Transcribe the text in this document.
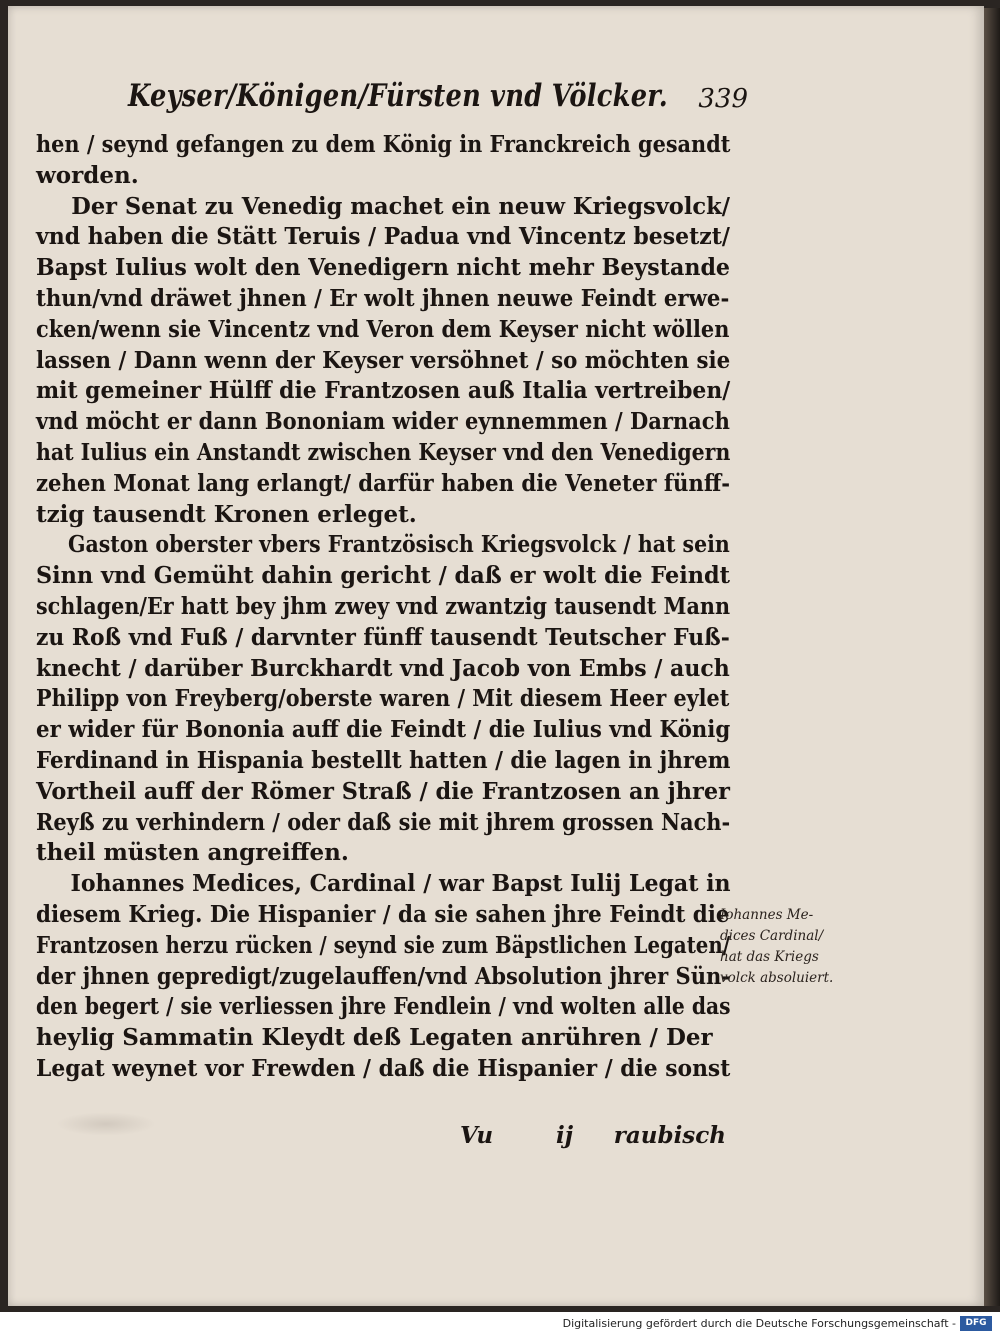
Keyser/Königen/Fürsten vnd Völcker. 339
hen / seynd gefangen zu dem König in Franckreich gesandt
worden.
Der Senat zu Venedig machet ein neuw Kriegsvolck/
vnd haben die Stätt Teruis / Padua vnd Vincentz besetzt/
Bapst Iulius wolt den Venedigern nicht mehr Beystande
thun/vnd dräwet jhnen / Er wolt jhnen neuwe Feindt erwe-
cken/wenn sie Vincentz vnd Veron dem Keyser nicht wöllen
lassen / Dann wenn der Keyser versöhnet / so möchten sie
mit gemeiner Hülff die Frantzosen auß Italia vertreiben/
vnd möcht er dann Bononiam wider eynnemmen / Darnach
hat Iulius ein Anstandt zwischen Keyser vnd den Venedigern
zehen Monat lang erlangt/ darfür haben die Veneter fünff-
tzig tausendt Kronen erleget.
Gaston oberster vbers Frantzösisch Kriegsvolck / hat sein
Sinn vnd Gemüht dahin gericht / daß er wolt die Feindt
schlagen/Er hatt bey jhm zwey vnd zwantzig tausendt Mann
zu Roß vnd Fuß / darvnter fünff tausendt Teutscher Fuß-
knecht / darüber Burckhardt vnd Jacob von Embs / auch
Philipp von Freyberg/oberste waren / Mit diesem Heer eylet
er wider für Bononia auff die Feindt / die Iulius vnd König
Ferdinand in Hispania bestellt hatten / die lagen in jhrem
Vortheil auff der Römer Straß / die Frantzosen an jhrer
Reyß zu verhindern / oder daß sie mit jhrem grossen Nach-
theil müsten angreiffen.
Iohannes Medices, Cardinal / war Bapst Iulij Legat in
diesem Krieg. Die Hispanier / da sie sahen jhre Feindt die
Frantzosen herzu rücken / seynd sie zum Bäpstlichen Legaten/
der jhnen gepredigt/zugelauffen/vnd Absolution jhrer Sün-
den begert / sie verliessen jhre Fendlein / vnd wolten alle das
heylig Sammatin Kleydt deß Legaten anrühren / Der
Legat weynet vor Frewden / daß die Hispanier / die sonst
Vu	ij raubisch
Iohannes Me-
dices Cardinal/
hat das Kriegs
volck absoluiert.
Digitalisierung gefördert durch die Deutsche Forschungsgemeinschaft -	DFG
